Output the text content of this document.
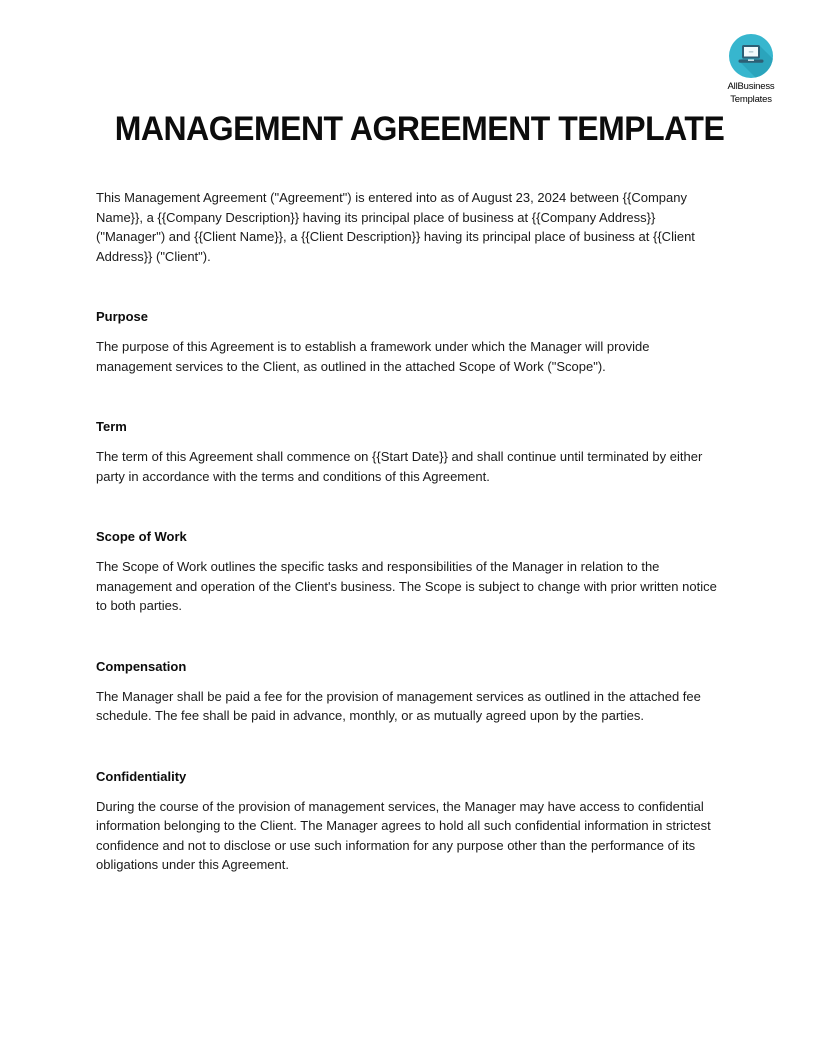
AllBusiness
Templates
MANAGEMENT AGREEMENT TEMPLATE

This Management Agreement ("Agreement") is entered into as of August 23, 2024 between {{Company Name}}, a {{Company Description}} having its principal place of business at {{Company Address}} ("Manager") and {{Client Name}}, a {{Client Description}} having its principal place of business at {{Client Address}} ("Client").

Purpose

The purpose of this Agreement is to establish a framework under which the Manager will provide management services to the Client, as outlined in the attached Scope of Work ("Scope").

Term

The term of this Agreement shall commence on {{Start Date}} and shall continue until terminated by either party in accordance with the terms and conditions of this Agreement.

Scope of Work

The Scope of Work outlines the specific tasks and responsibilities of the Manager in relation to the management and operation of the Client's business. The Scope is subject to change with prior written notice to both parties.

Compensation

The Manager shall be paid a fee for the provision of management services as outlined in the attached fee schedule. The fee shall be paid in advance, monthly, or as mutually agreed upon by the parties.

Confidentiality

During the course of the provision of management services, the Manager may have access to confidential information belonging to the Client. The Manager agrees to hold all such confidential information in strictest confidence and not to disclose or use such information for any purpose other than the performance of its obligations under this Agreement.
